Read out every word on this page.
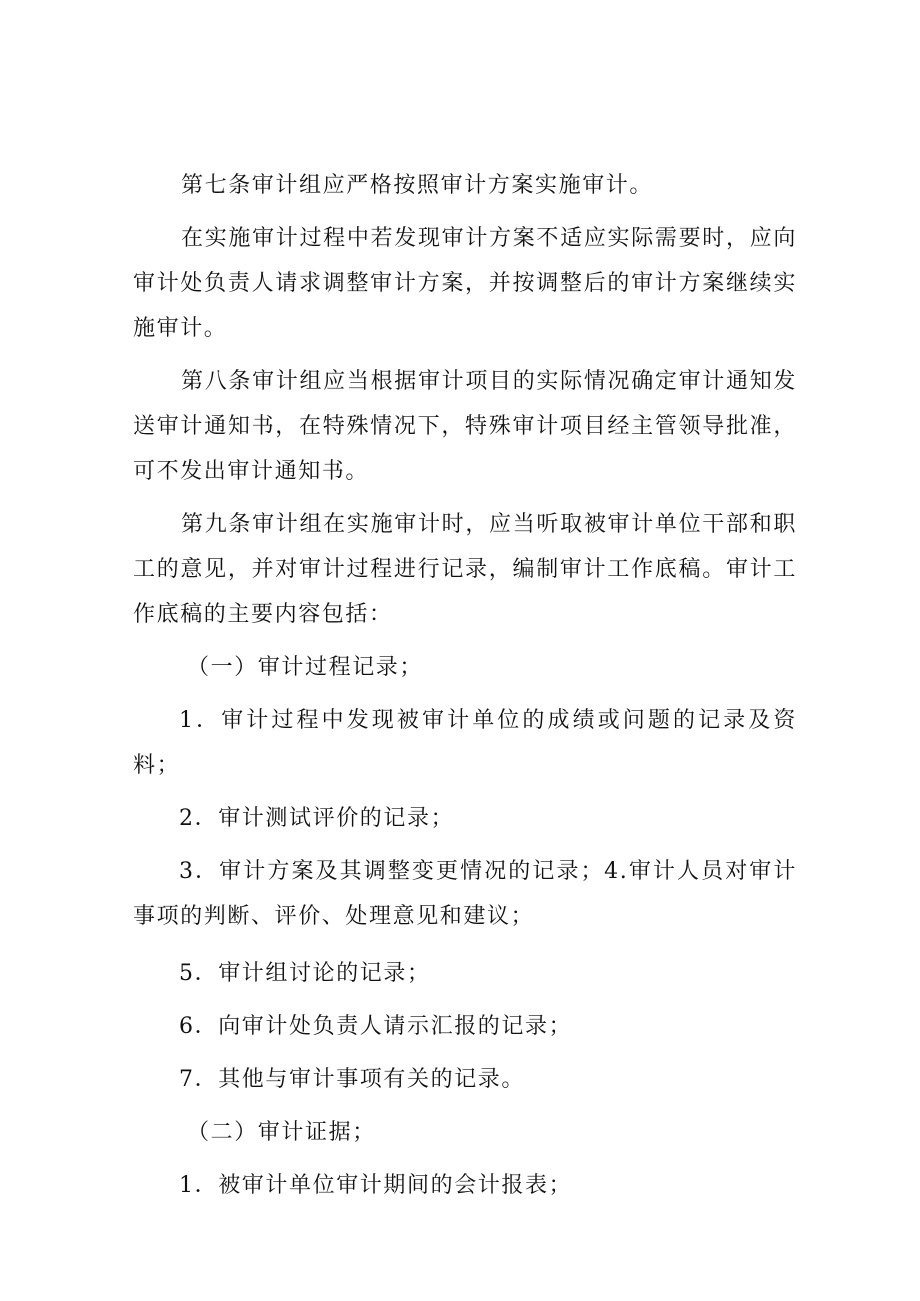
第七条审计组应严格按照审计方案实施审计。

在实施审计过程中若发现审计方案不适应实际需要时，应向审计处负责人请求调整审计方案，并按调整后的审计方案继续实施审计。

第八条审计组应当根据审计项目的实际情况确定审计通知发送审计通知书，在特殊情况下，特殊审计项目经主管领导批准，可不发出审计通知书。

第九条审计组在实施审计时，应当听取被审计单位干部和职工的意见，并对审计过程进行记录，编制审计工作底稿。审计工作底稿的主要内容包括：

（一）审计过程记录；

1．审计过程中发现被审计单位的成绩或问题的记录及资料；

2．审计测试评价的记录；

3．审计方案及其调整变更情况的记录；4.审计人员对审计事项的判断、评价、处理意见和建议；

5．审计组讨论的记录；

6．向审计处负责人请示汇报的记录；

7．其他与审计事项有关的记录。

（二）审计证据；

1．被审计单位审计期间的会计报表；
